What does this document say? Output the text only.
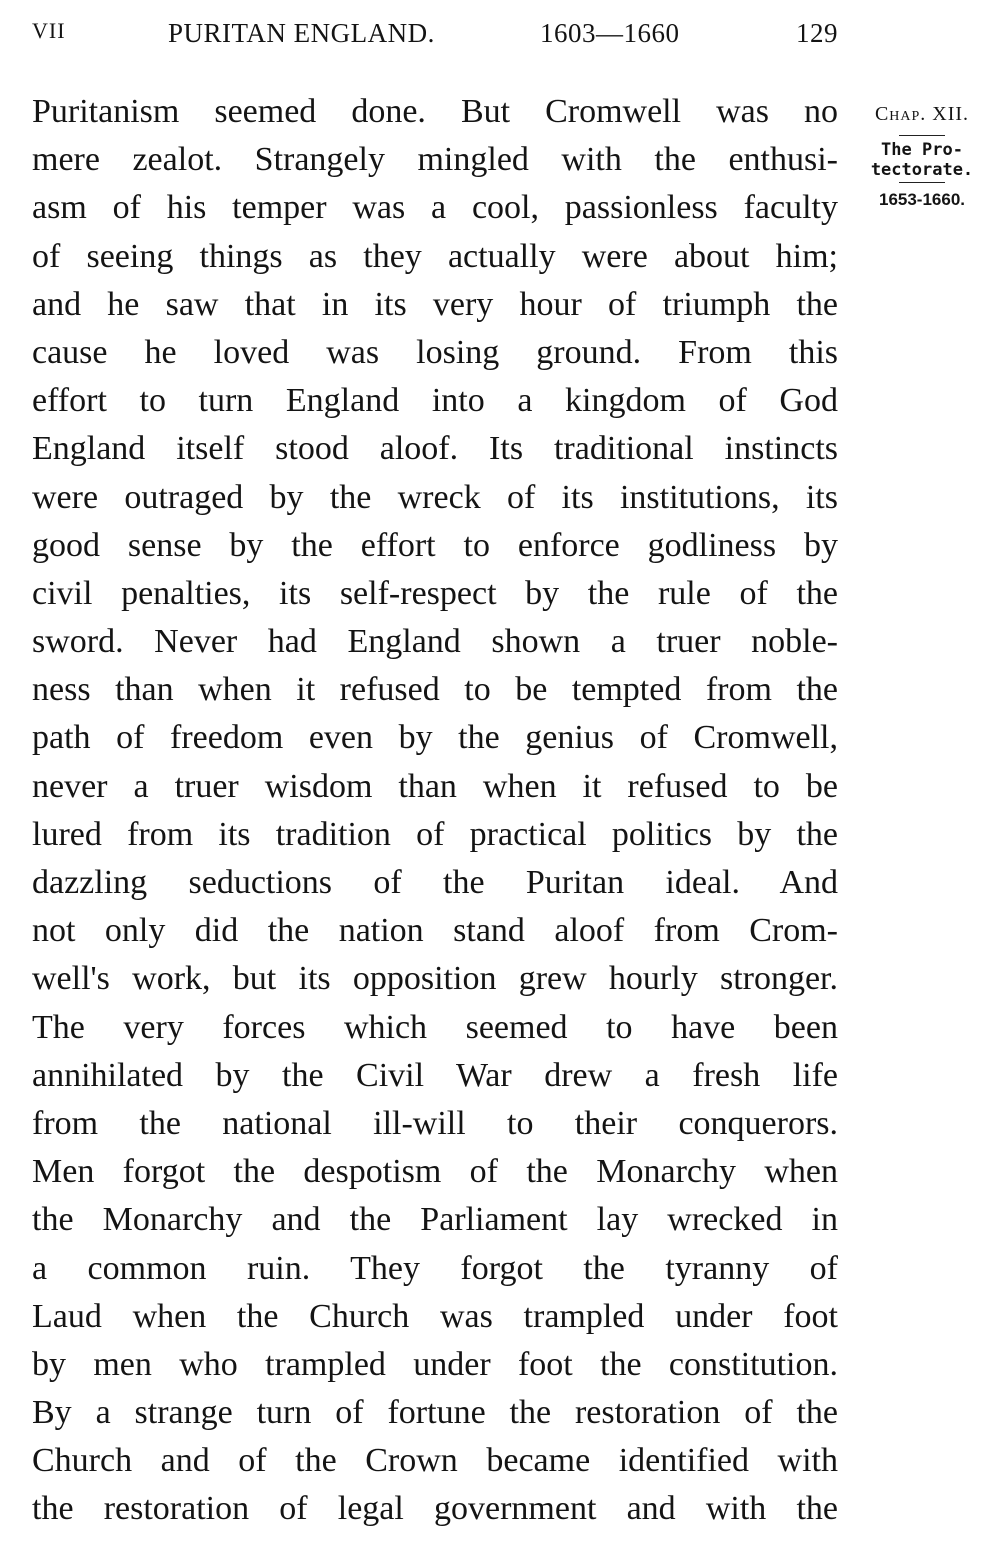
VII	PURITAN ENGLAND.	1603—1660	129
Puritanism seemed done. But Cromwell was no
mere zealot. Strangely mingled with the enthusi-
asm of his temper was a cool, passionless faculty
of seeing things as they actually were about him;
and he saw that in its very hour of triumph the
cause he loved was losing ground. From this
effort to turn England into a kingdom of God
England itself stood aloof. Its traditional instincts
were outraged by the wreck of its institutions, its
good sense by the effort to enforce godliness by
civil penalties, its self-respect by the rule of the
sword. Never had England shown a truer noble-
ness than when it refused to be tempted from the
path of freedom even by the genius of Cromwell,
never a truer wisdom than when it refused to be
lured from its tradition of practical politics by the
dazzling seductions of the Puritan ideal. And
not only did the nation stand aloof from Crom-
well's work, but its opposition grew hourly stronger.
The very forces which seemed to have been
annihilated by the Civil War drew a fresh life
from the national ill-will to their conquerors.
Men forgot the despotism of the Monarchy when
the Monarchy and the Parliament lay wrecked in
a common ruin. They forgot the tyranny of
Laud when the Church was trampled under foot
by men who trampled under foot the constitution.
By a strange turn of fortune the restoration of the
Church and of the Crown became identified with
the restoration of legal government and with the
Chap. XII.
The Pro-
tectorate.
1653-1660.
